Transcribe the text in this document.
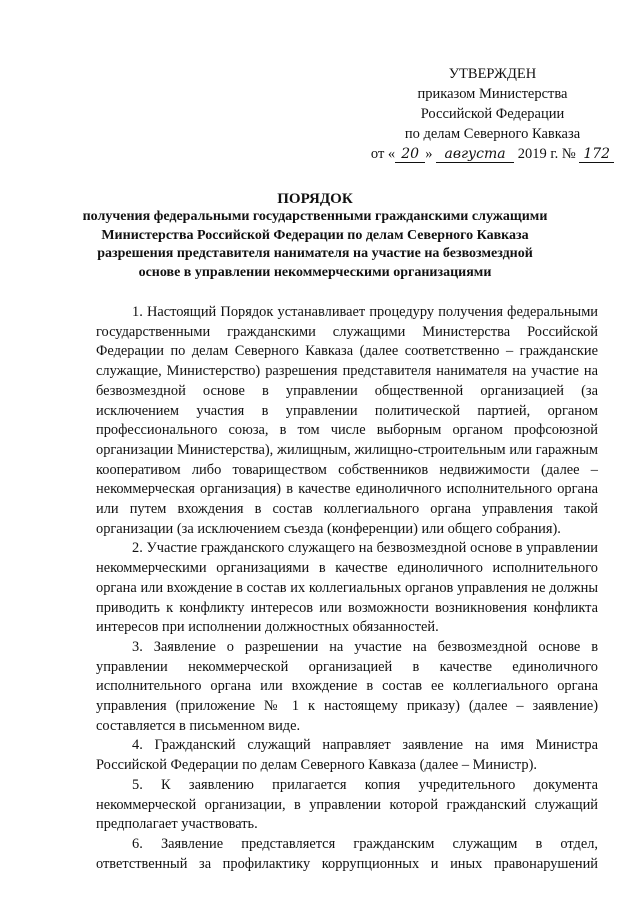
УТВЕРЖДЕН
приказом Министерства
Российской Федерации
по делам Северного Кавказа
от « 20 » августа 2019 г. № 172
ПОРЯДОК
получения федеральными государственными гражданскими служащими Министерства Российской Федерации по делам Северного Кавказа разрешения представителя нанимателя на участие на безвозмездной основе в управлении некоммерческими организациями

1. Настоящий Порядок устанавливает процедуру получения федеральными государственными гражданскими служащими Министерства Российской Федерации по делам Северного Кавказа (далее соответственно – гражданские служащие, Министерство) разрешения представителя нанимателя на участие на безвозмездной основе в управлении общественной организацией (за исключением участия в управлении политической партией, органом профессионального союза, в том числе выборным органом профсоюзной организации Министерства), жилищным, жилищно-строительным или гаражным кооперативом либо товариществом собственников недвижимости (далее – некоммерческая организация) в качестве единоличного исполнительного органа или путем вхождения в состав коллегиального органа управления такой организации (за исключением съезда (конференции) или общего собрания).

2. Участие гражданского служащего на безвозмездной основе в управлении некоммерческими организациями в качестве единоличного исполнительного органа или вхождение в состав их коллегиальных органов управления не должны приводить к конфликту интересов или возможности возникновения конфликта интересов при исполнении должностных обязанностей.

3. Заявление о разрешении на участие на безвозмездной основе в управлении некоммерческой организацией в качестве единоличного исполнительного органа или вхождение в состав ее коллегиального органа управления (приложение № 1 к настоящему приказу) (далее – заявление) составляется в письменном виде.

4. Гражданский служащий направляет заявление на имя Министра Российской Федерации по делам Северного Кавказа (далее – Министр).

5. К заявлению прилагается копия учредительного документа некоммерческой организации, в управлении которой гражданский служащий предполагает участвовать.

6. Заявление представляется гражданским служащим в отдел, ответственный за профилактику коррупционных и иных правонарушений
